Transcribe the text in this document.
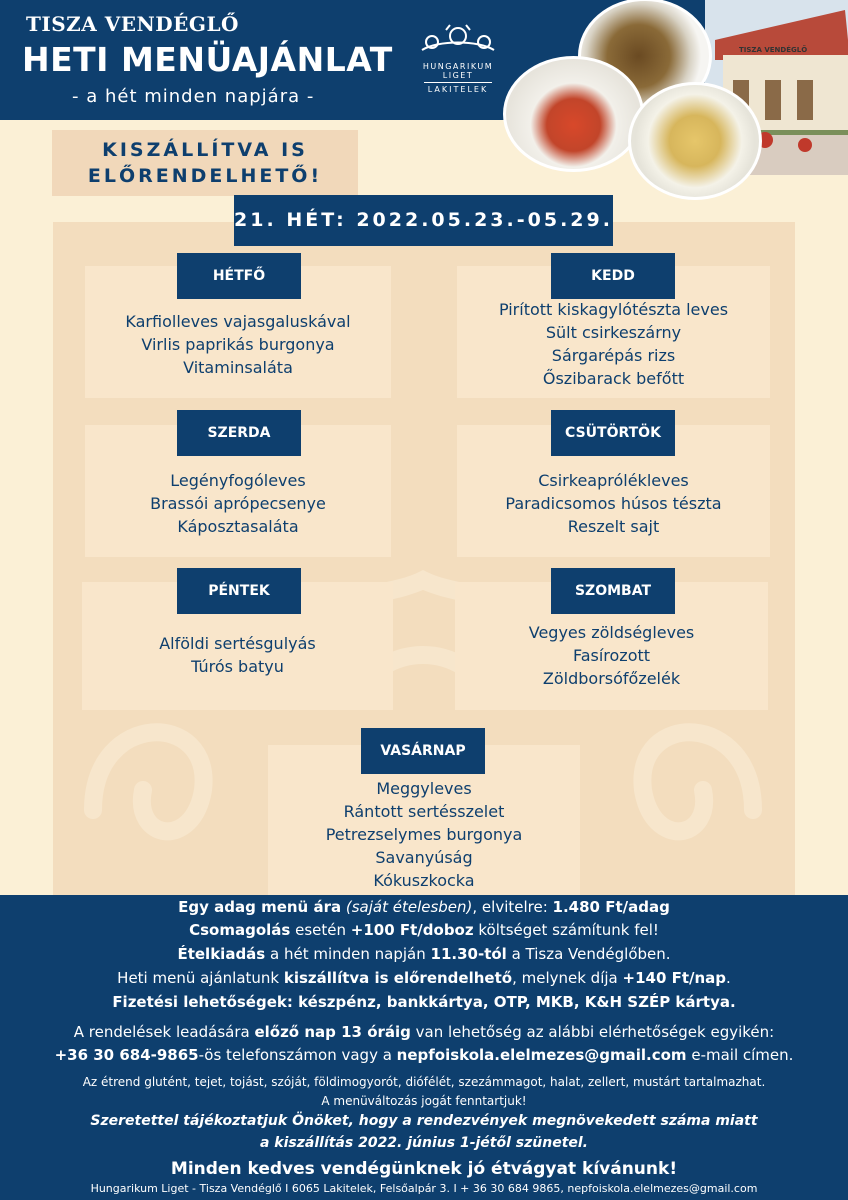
TISZA VENDÉGLŐ
HETI MENÜAJÁNLAT
- a hét minden napjára -
HUNGARIKUM LIGET
LAKITELEK
TISZA VENDÉGLŐ
KISZÁLLÍTVA IS
ELŐRENDELHETŐ!
21. HÉT: 2022.05.23.-05.29.
Karfiolleves vajasgaluskával
Virlis paprikás burgonya
Vitaminsaláta
HÉTFŐ
Pirított kiskagylótészta leves
Sült csirkeszárny
Sárgarépás rizs
Őszibarack befőtt
KEDD
Legényfogóleves
Brassói aprópecsenye
Káposztasaláta
SZERDA
Csirkeaprólékleves
Paradicsomos húsos tészta
Reszelt sajt
CSÜTÖRTÖK
Alföldi sertésgulyás
Túrós batyu
PÉNTEK
Vegyes zöldségleves
Fasírozott
Zöldborsófőzelék
SZOMBAT
Meggyleves
Rántott sertésszelet
Petrezselymes burgonya
Savanyúság
Kókuszkocka
VASÁRNAP
Egy adag menü ára (saját ételesben), elvitelre: 1.480 Ft/adag
Csomagolás esetén +100 Ft/doboz költséget számítunk fel!
Ételkiadás a hét minden napján 11.30-tól a Tisza Vendéglőben.
Heti menü ajánlatunk kiszállítva is előrendelhető, melynek díja +140 Ft/nap.
Fizetési lehetőségek: készpénz, bankkártya, OTP, MKB, K&H SZÉP kártya.
A rendelések leadására előző nap 13 óráig van lehetőség az alábbi elérhetőségek egyikén:
+36 30 684-9865-ös telefonszámon vagy a nepfoiskola.elelmezes@gmail.com e-mail címen.
Az étrend glutént, tejet, tojást, szóját, földimogyorót, diófélét, szezámmagot, halat, zellert, mustárt tartalmazhat.
A menüváltozás jogát fenntartjuk!
Szeretettel tájékoztatjuk Önöket, hogy a rendezvények megnövekedett száma miatt
a kiszállítás 2022. június 1-jétől szünetel.
Minden kedves vendégünknek jó étvágyat kívánunk!
Hungarikum Liget - Tisza Vendéglő I 6065 Lakitelek, Felsőalpár 3. I + 36 30 684 9865, nepfoiskola.elelmezes@gmail.com
